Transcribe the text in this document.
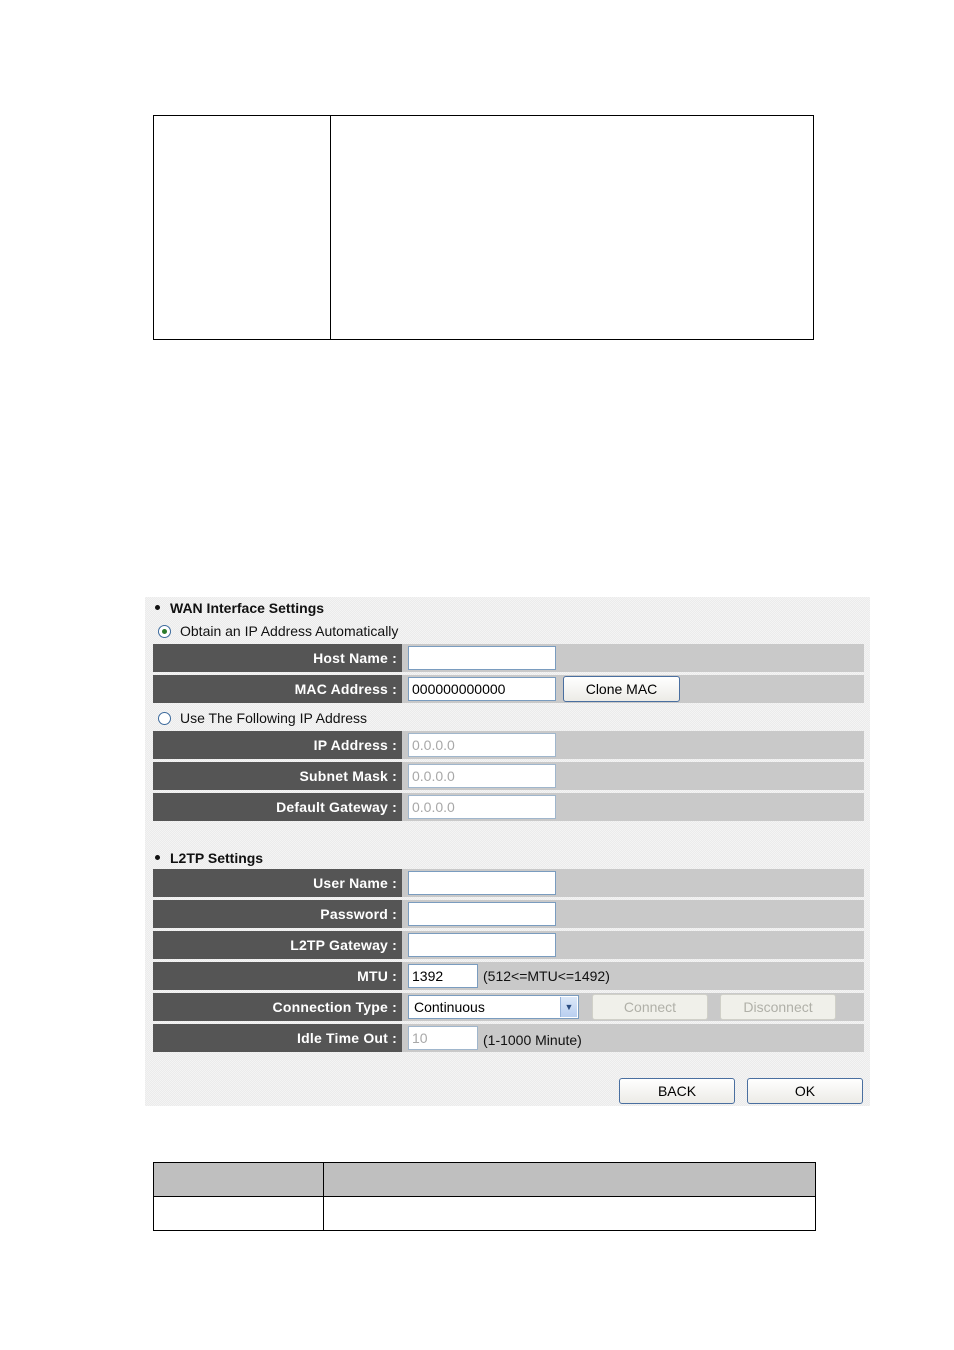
WAN Interface Settings
Obtain an IP Address Automatically
Host Name :
MAC Address :	000000000000	Clone MAC
Use The Following IP Address
IP Address :	0.0.0.0
Subnet Mask :	0.0.0.0
Default Gateway :	0.0.0.0
L2TP Settings
User Name :
Password :
L2TP Gateway :
MTU :	1392	(512<=MTU<=1492)
Connection Type :	Continuous	▼	Connect	Disconnect
Idle Time Out :	10	(1-1000 Minute)
BACK	OK
